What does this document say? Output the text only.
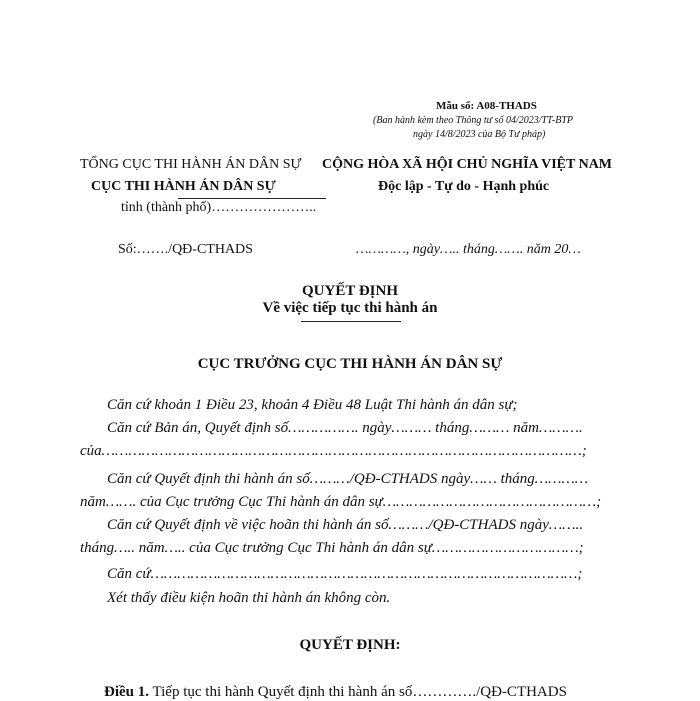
Mẫu số: A08-THADS
(Ban hành kèm theo Thông tư số 04/2023/TT-BTP
ngày 14/8/2023 của Bộ Tư pháp)
TỔNG CỤC THI HÀNH ÁN DÂN SỰ
CỤC THI HÀNH ÁN DÂN SỰ
tỉnh (thành phố)…………………..
CỘNG HÒA XÃ HỘI CHỦ NGHĨA VIỆT NAM
Độc lập - Tự do - Hạnh phúc
Số:……./QĐ-CTHADS	…………, ngày….. tháng……. năm 20…
QUYẾT ĐỊNH
Về việc tiếp tục thi hành án
CỤC TRƯỞNG CỤC THI HÀNH ÁN DÂN SỰ
Căn cứ khoản 1 Điều 23, khoản 4 Điều 48 Luật Thi hành án dân sự;
Căn cứ Bản án, Quyết định số……………. ngày……… tháng……… năm……….
của………………………………………………………………………………………………;
Căn cứ Quyết định thi hành án số………/QĐ-CTHADS ngày…… tháng…………
năm……. của Cục trưởng Cục Thi hành án dân sự…………………………………………;
Căn cứ Quyết định về việc hoãn thi hành án số………/QĐ-CTHADS ngày……..
tháng….. năm….. của Cục trưởng Cục Thi hành án dân sự……………………………;
Căn cứ……………………………………………………………………………………;
Xét thấy điều kiện hoãn thi hành án không còn.
QUYẾT ĐỊNH:
Điều 1. Tiếp tục thi hành Quyết định thi hành án số…………./QĐ-CTHADS
